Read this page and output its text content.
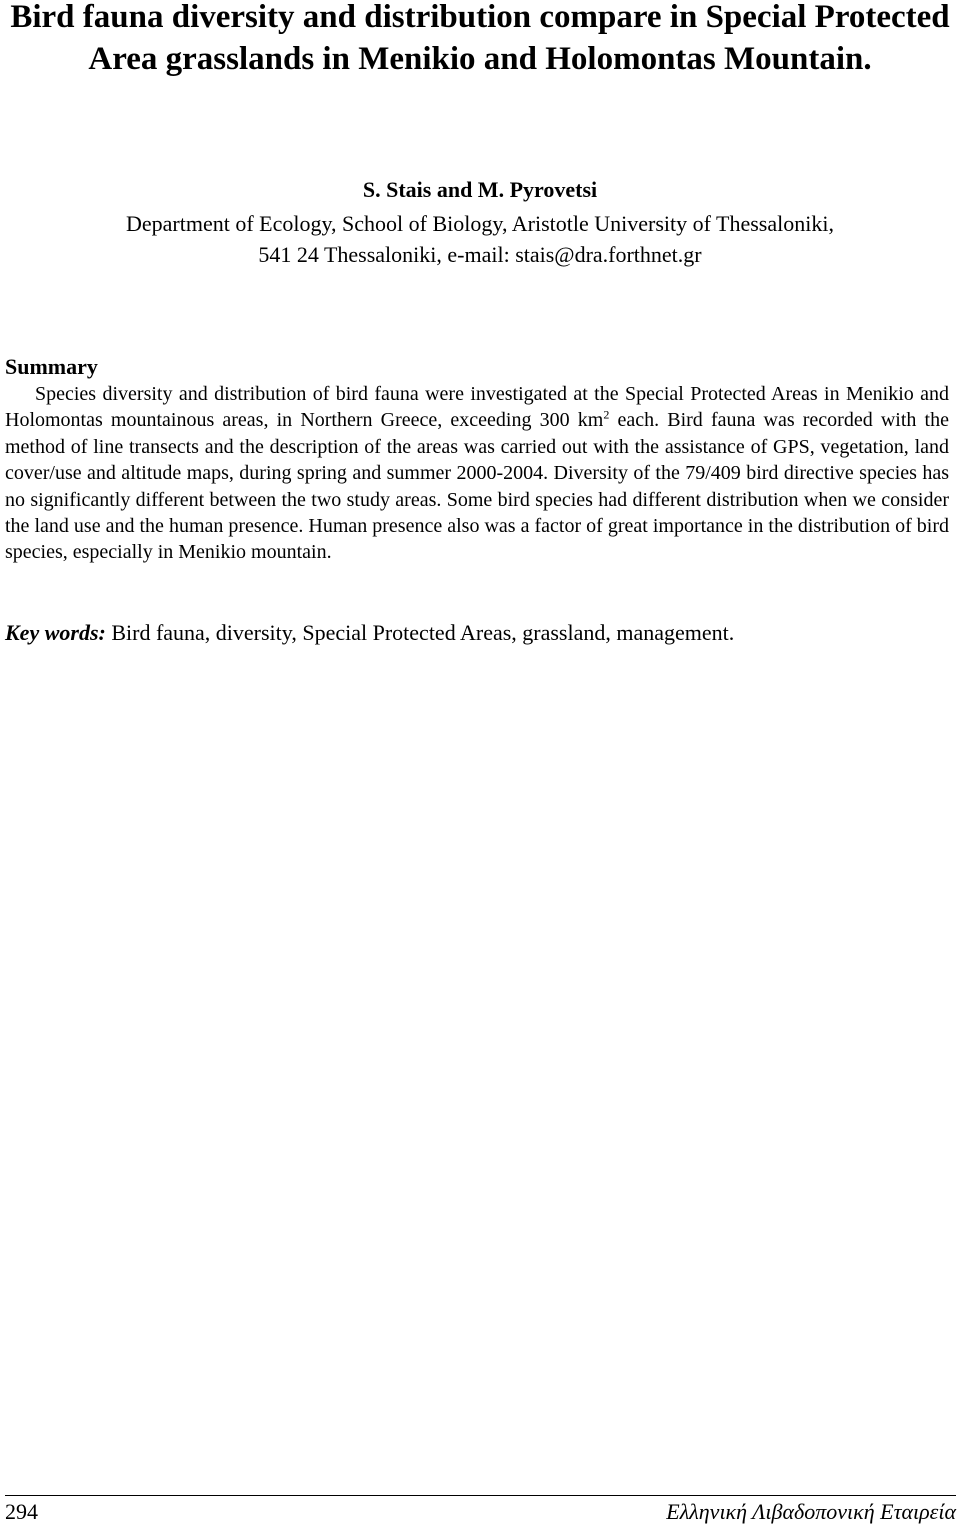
Bird fauna diversity and distribution compare in Special Protected Area grasslands in Menikio and Holomontas Mountain.

S. Stais and M. Pyrovetsi

Department of Ecology, School of Biology, Aristotle University of Thessaloniki,
541 24 Thessaloniki, e-mail: stais@dra.forthnet.gr

Summary

Species diversity and distribution of bird fauna were investigated at the Special Protected Areas in Menikio and Holomontas mountainous areas, in Northern Greece, exceeding 300 $km^2$ each. Bird fauna was recorded with the method of line transects and the description of the areas was carried out with the assistance of GPS, vegetation, land cover/use and altitude maps, during spring and summer 2000-2004. Diversity of the 79/409 bird directive species has no significantly different between the two study areas. Some bird species had different distribution when we consider the land use and the human presence. Human presence also was a factor of great importance in the distribution of bird species, especially in Menikio mountain.

Key words: Bird fauna, diversity, Special Protected Areas, grassland, management.

294	Ελληνική Λιβαδοπονική Εταιρεία
